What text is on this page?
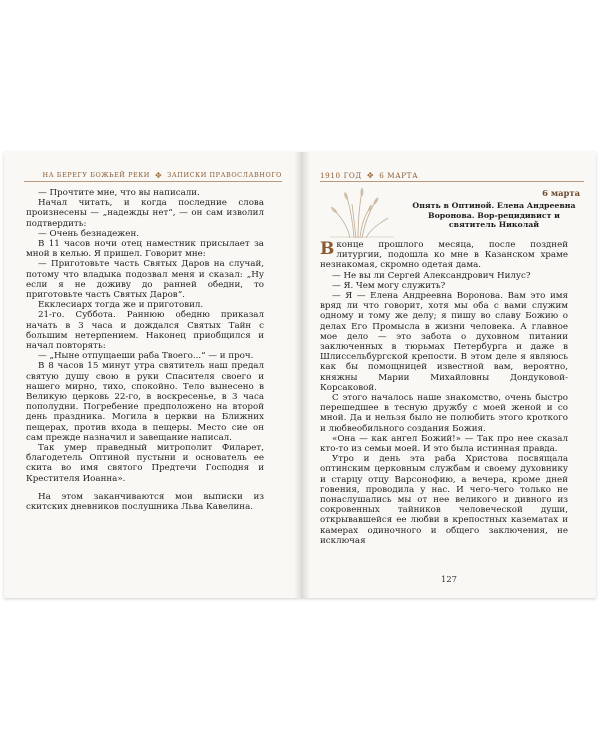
НА БЕРЕГУ БОЖЬЕЙ РЕКИ ✥ ЗАПИСКИ ПРАВОСЛАВНОГО

— Прочтите мне, что вы написали.

Начал читать, и когда последние слова произнесены — „надежды нет“, — он сам изволил подтвердить:

— Очень безнадежен.

В 11 часов ночи отец наместник присылает за мной в келью. Я пришел. Говорит мне:

— Приготовьте часть Святых Даров на случай, потому что владыка подозвал меня и сказал: „Ну если я не доживу до ранней обедни, то приготовьте часть Святых Даров“.

Екклесиарх тогда же и приготовил.

21-го. Суббота. Раннюю обедню приказал начать в 3 часа и дождался Святых Тайн с большим нетерпением. Наконец приобщился и начал повторять:

— „Ныне отпущаеши раба Твоего...“ — и проч.

В 8 часов 15 минут утра святитель наш предал святую душу свою в руки Спасителя своего и нашего мирно, тихо, спокойно. Тело вынесено в Великую церковь 22-го, в воскресенье, в 3 часа пополудни. Погребение предположено на второй день праздника. Могила в церкви на Ближних пещерах, против входа в пещеры. Место сие он сам прежде назначил и завещание написал.

Так умер праведный митрополит Филарет, благодетель Оптиной пустыни и основатель ее скита во имя святого Предтечи Господня и Крестителя Иоанна».

На этом заканчиваются мои выписки из скитских дневников послушника Льва Кавелина.

1910 ГОД ✥ 6 МАРТА
6 марта
Опять в Оптиной. Елена Андреевна Воронова. Вор-рецидивист и святитель Николай

В конце прошлого месяца, после поздней литургии, подошла ко мне в Казанском храме незнакомая, скромно одетая дама.

— Не вы ли Сергей Александрович Нилус?

— Я. Чем могу служить?

— Я — Елена Андреевна Воронова. Вам это имя вряд ли что говорит, хотя мы оба с вами служим одному и тому же делу; я пишу во славу Божию о делах Его Промысла в жизни человека. А главное мое дело — это забота о духовном питании заключенных в тюрьмах Петербурга и даже в Шлиссельбургской крепости. В этом деле я являюсь как бы помощницей известной вам, вероятно, княжны Марии Михайловны Дондуковой-Корсаковой.

С этого началось наше знакомство, очень быстро перешедшее в тесную дружбу с моей женой и со мной. Да и нельзя было не полюбить этого кроткого и любвеобильного создания Божия.

«Она — как ангел Божий!» — Так про нее сказал кто-то из семьи моей. И это была истинная правда.

Утро и день эта раба Христова посвящала оптинским церковным службам и своему духовнику и старцу отцу Варсонофию, а вечера, кроме дней говения, проводила у нас. И чего-чего только не понаслушались мы от нее великого и дивного из сокровенных тайников человеческой души, открывавшейся ее любви в крепостных казематах и камерах одиночного и общего заключения, не исключая

127
